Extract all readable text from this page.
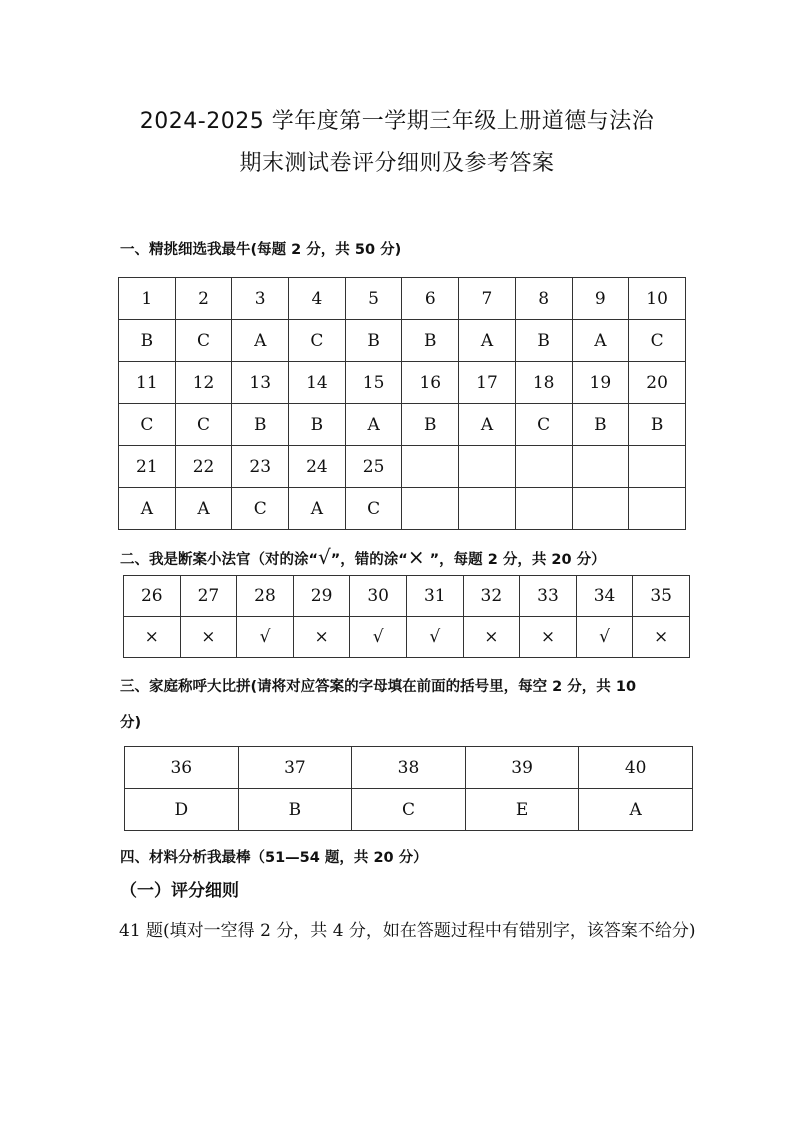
2024-2025 学年度第一学期三年级上册道德与法治
期末测试卷评分细则及参考答案
一、精挑细选我最牛(每题 2 分，共 50 分)
1	2	3	4	5	6	7	8	9	10
B	C	A	C	B	B	A	B	A	C
11	12	13	14	15	16	17	18	19	20
C	C	B	B	A	B	A	C	B	B
21	22	23	24	25					
A	A	C	A	C					
二、我是断案小法官（对的涂“√”，错的涂“× ”，每题 2 分，共 20 分）
26	27	28	29	30	31	32	33	34	35
×	×	√	×	√	√	×	×	√	×
三、家庭称呼大比拼(请将对应答案的字母填在前面的括号里，每空 2 分，共 10
分)
36	37	38	39	40
D	B	C	E	A
四、材料分析我最棒（51—54 题，共 20 分）
（一）评分细则
41 题(填对一空得 2 分，共 4 分，如在答题过程中有错别字，该答案不给分)
